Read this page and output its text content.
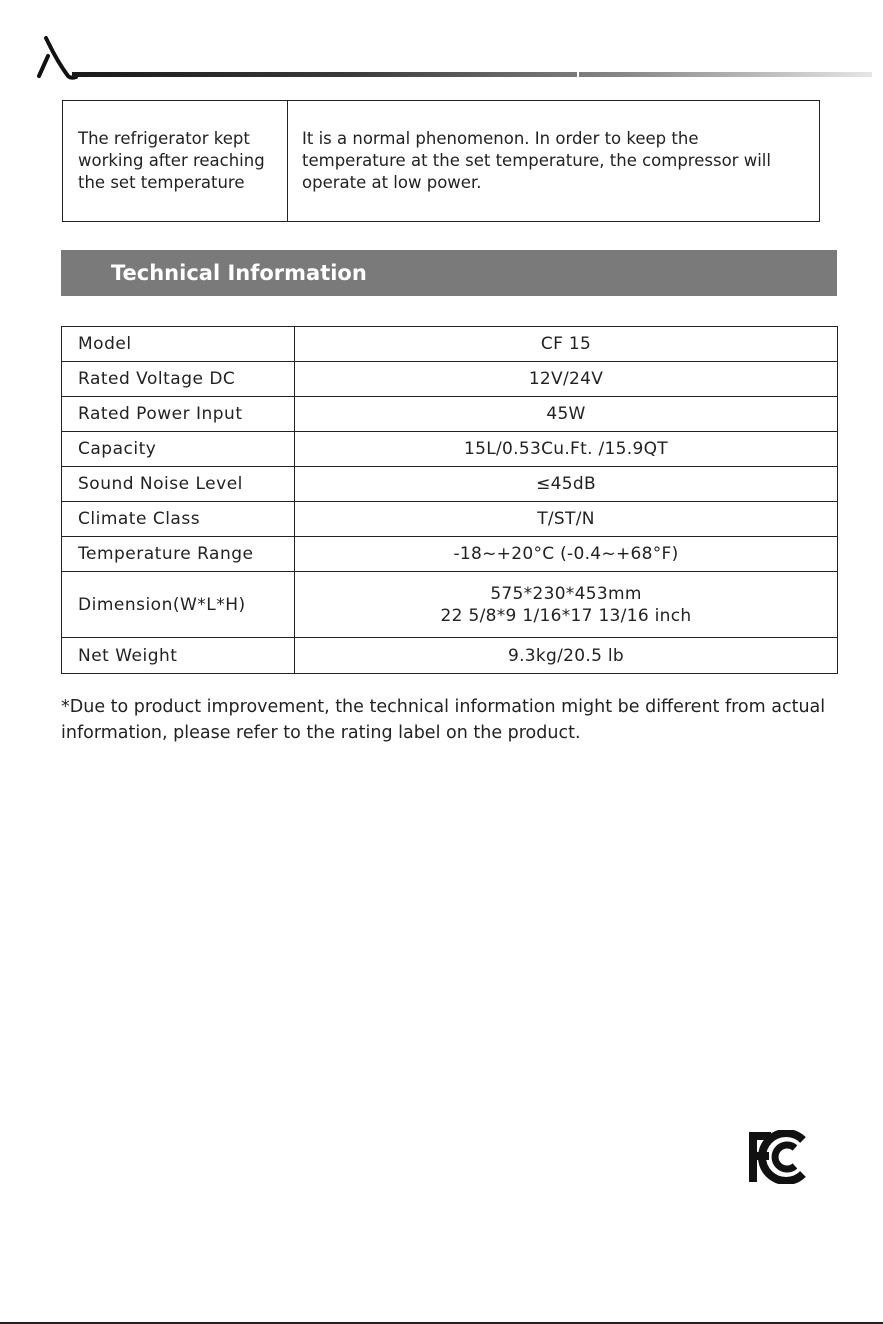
The refrigerator kept working after reaching the set temperature	It is a normal phenomenon. In order to keep the temperature at the set temperature, the compressor will operate at low power.
Technical Information
Model	CF 15

Rated Voltage DC	12V/24V

Rated Power Input	45W

Capacity	15L/0.53Cu.Ft. /15.9QT

Sound Noise Level	≤45dB

Climate Class	T/ST/N

Temperature Range	-18~+20°C (-0.4~+68°F)

Dimension(W*L*H)	575*230*453mm
22 5/8*9 1/16*17 13/16 inch

Net Weight	9.3kg/20.5 lb
*Due to product improvement, the technical information might be different from actual information, please refer to the rating label on the product.
